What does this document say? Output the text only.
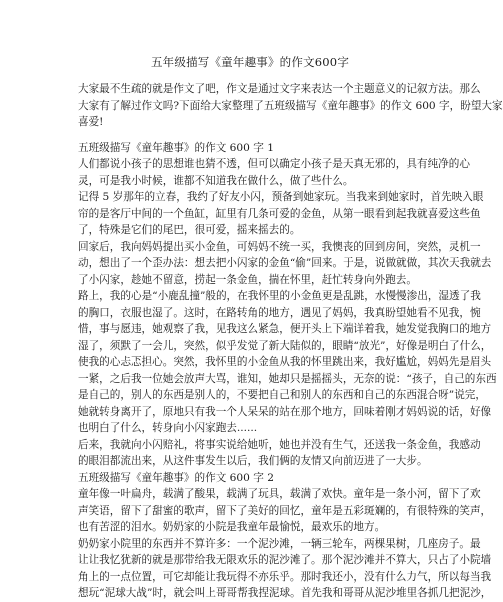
五年级描写《童年趣事》的作文600字

大家最不生疏的就是作文了吧，作文是通过文字来表达一个主题意义的记叙方法。那么

大家有了解过作文吗?下面给大家整理了五班级描写《童年趣事》的作文 600 字，盼望大家

喜爱!

五班级描写《童年趣事》的作文 600 字 1

人们都说小孩子的思想谁也猜不透，但可以确定小孩子是天真无邪的，具有纯净的心

灵，可是我小时候，谁都不知道我在做什么，做了些什么。

记得 5 岁那年的立春，我约了好友小闪，预备到她家玩。当我来到她家时，首先映入眼

帘的是客厅中间的一个鱼缸，缸里有几条可爱的金鱼，从第一眼看到起我就喜爱这些鱼

了，特殊是它们的尾巴，很可爱，摇来摇去的。

回家后，我向妈妈提出买小金鱼，可妈妈不统一买，我懊丧的回到房间，突然，灵机一

动，想出了一个歪办法：想去把小闪家的金鱼“偷”回来。于是，说做就做，其次天我就去

了小闪家，趁她不留意，捞起一条金鱼，揣在怀里，赶忙转身向外跑去。

路上，我的心是“小鹿乱撞”般的，在我怀里的小金鱼更是乱跳，水慢慢渗出，湿透了我

的胸口，衣服也湿了。这时，在路转角的地方，遇见了妈妈，我真盼望她看不见我，惋

惜，事与愿违，她观察了我，见我这么紧急，便开头上下端详着我，她发觉我胸口的地方

湿了，须默了一会儿，突然，似乎发觉了新大陆似的，眼睛“放光”，好像是明白了什么，

使我的心忐忑担心。突然，我怀里的小金鱼从我的怀里跳出来，我好尴尬，妈妈先是眉头

一紧，之后我一位她会放声大骂，谁知，她却只是摇摇头，无奈的说：“孩子，自己的东西

是自己的，别人的东西是别人的，不要把自己和别人的东西和自己的东西混合呀”说完，

她就转身离开了，原地只有我一个人呆呆的站在那个地方，回味着刚才妈妈说的话，好像

也明白了什么，转身向小闪家跑去......

后来，我就向小闪赔礼，将事实说给她听，她也并没有生气，还送我一条金鱼，我感动

的眼泪都流出来，从这件事发生以后，我们俩的友情又向前迈进了一大步。

五班级描写《童年趣事》的作文 600 字 2

童年像一叶扁舟，载满了酸果，载满了玩具，载满了欢快。童年是一条小河，留下了欢

声笑语，留下了甜蜜的歌声，留下了美好的回忆，童年是五彩斑斓的，有很特殊的笑声，

也有苦涩的泪水。奶奶家的小院是我童年最愉悦，最欢乐的地方。

奶奶家小院里的东西并不算许多：一个泥沙滩，一辆三轮车，两棵果树，几座房子。最

让让我忆犹新的就是那带给我无限欢乐的泥沙滩了。那个泥沙滩并不算大，只占了小院墙

角上的一点位置，可它却能让我玩得不亦乐乎。那时我还小，没有什么力气，所以每当我

想玩“泥球大战”时，就会叫上哥哥帮我捏泥球。首先我和哥哥从泥沙堆里各抓几把泥沙，
